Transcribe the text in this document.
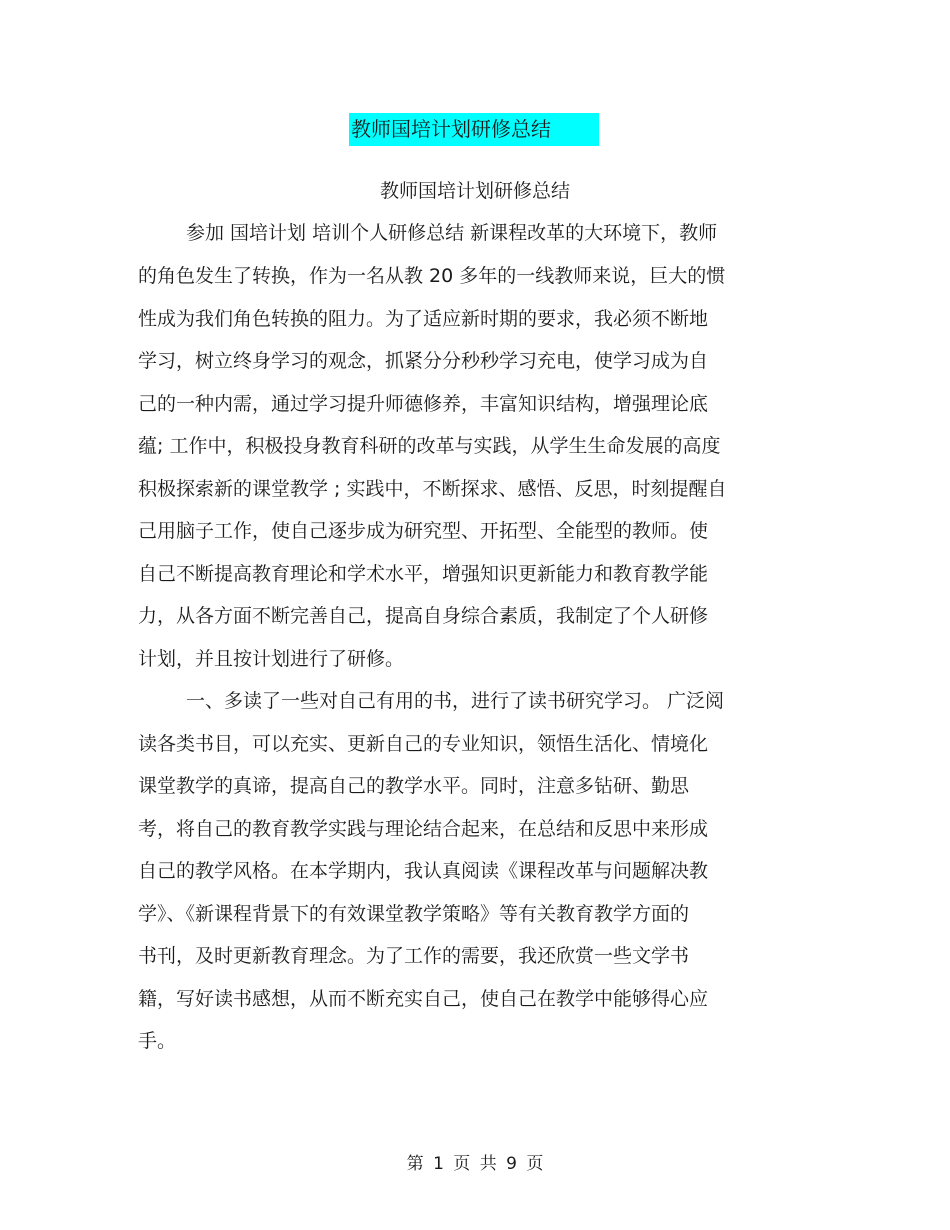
教师国培计划研修总结
教师国培计划研修总结
参加 国培计划 培训个人研修总结 新课程改革的大环境下，教师
的角色发生了转换，作为一名从教 20 多年的一线教师来说，巨大的惯
性成为我们角色转换的阻力。为了适应新时期的要求，我必须不断地
学习，树立终身学习的观念，抓紧分分秒秒学习充电，使学习成为自
己的一种内需，通过学习提升师德修养，丰富知识结构，增强理论底
蕴; 工作中，积极投身教育科研的改革与实践，从学生生命发展的高度
积极探索新的课堂教学 ; 实践中，不断探求、感悟、反思，时刻提醒自
己用脑子工作，使自己逐步成为研究型、开拓型、全能型的教师。使
自己不断提高教育理论和学术水平，增强知识更新能力和教育教学能
力，从各方面不断完善自己，提高自身综合素质，我制定了个人研修
计划，并且按计划进行了研修。
一、多读了一些对自己有用的书，进行了读书研究学习。 广泛阅
读各类书目，可以充实、更新自己的专业知识，领悟生活化、情境化
课堂教学的真谛，提高自己的教学水平。同时，注意多钻研、勤思
考，将自己的教育教学实践与理论结合起来，在总结和反思中来形成
自己的教学风格。在本学期内，我认真阅读《课程改革与问题解决教
学》、《新课程背景下的有效课堂教学策略》等有关教育教学方面的
书刊，及时更新教育理念。为了工作的需要，我还欣赏一些文学书
籍，写好读书感想，从而不断充实自己，使自己在教学中能够得心应
手。
第 1 页 共 9 页
